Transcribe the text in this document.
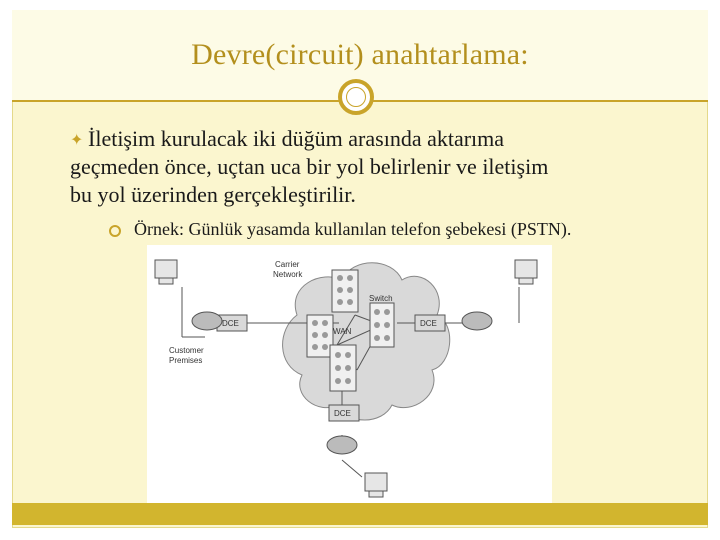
Devre(circuit) anahtarlama:
✦ İletişim kurulacak iki düğüm arasında aktarıma
geçmeden önce, uçtan uca bir yol belirlenir ve iletişim
bu yol üzerinden gerçekleştirilir.
Örnek: Günlük yasamda kullanılan telefon şebekesi (PSTN).
Carrier
Network
Switch
WAN
Customer
Premises
DCE	DCE
DCE
